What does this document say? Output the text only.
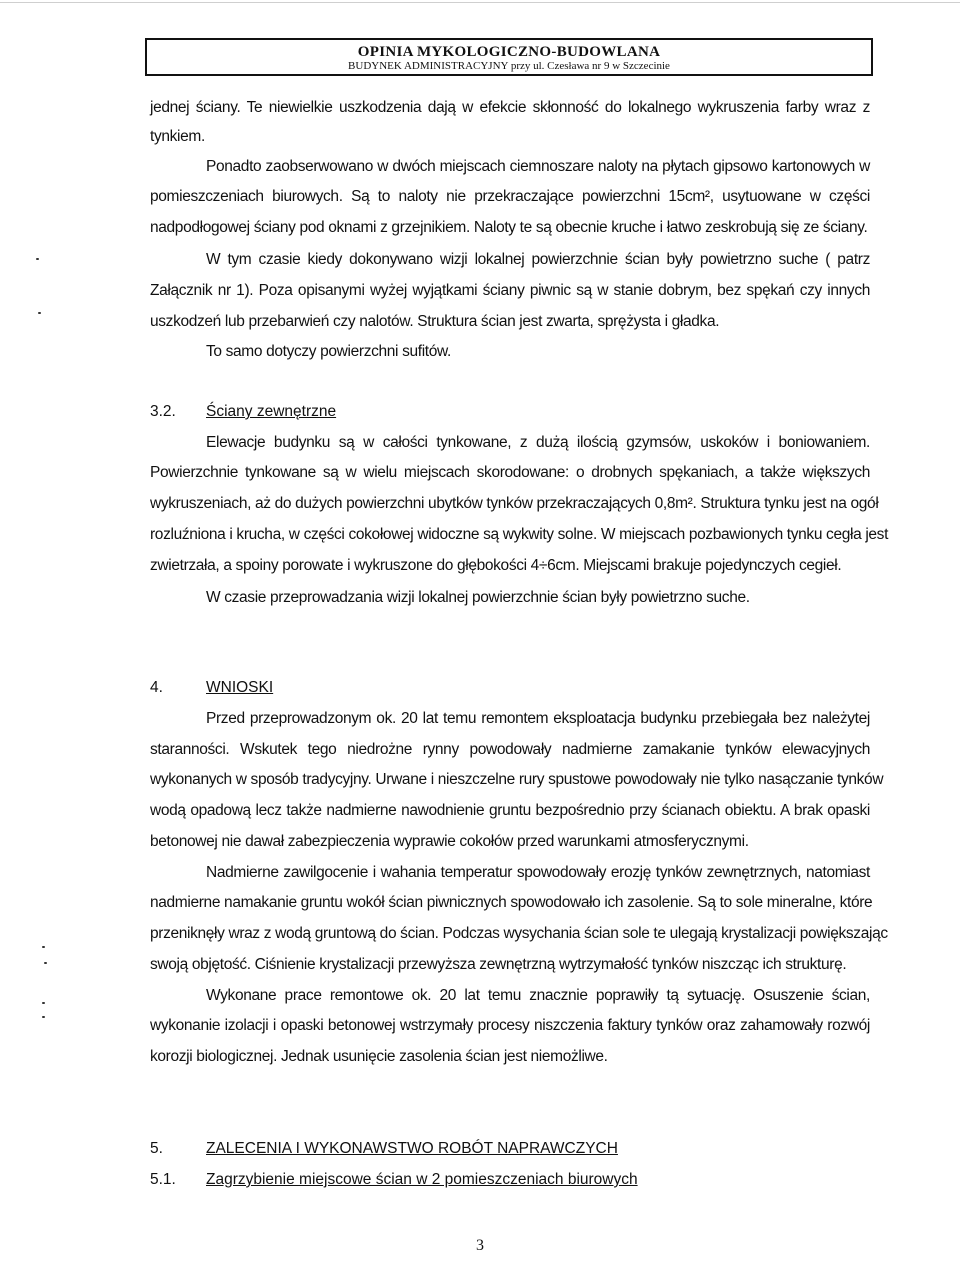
OPINIA MYKOLOGICZNO-BUDOWLANA
BUDYNEK ADMINISTRACYJNY przy ul. Czesława nr 9 w Szczecinie
jednej ściany. Te niewielkie uszkodzenia dają w efekcie skłonność do lokalnego wykruszenia farby wraz z
tynkiem.
Ponadto zaobserwowano w dwóch miejscach ciemnoszare naloty na płytach gipsowo kartonowych w
pomieszczeniach biurowych. Są to naloty nie przekraczające powierzchni 15cm², usytuowane w części
nadpodłogowej ściany pod oknami z grzejnikiem. Naloty te są obecnie kruche i łatwo zeskrobują się ze ściany.
W tym czasie kiedy dokonywano wizji lokalnej powierzchnie ścian były powietrzno suche ( patrz
Załącznik nr 1). Poza opisanymi wyżej wyjątkami ściany piwnic są w stanie dobrym, bez spękań czy innych
uszkodzeń lub przebarwień czy nalotów. Struktura ścian jest zwarta, sprężysta i gładka.
To samo dotyczy powierzchni sufitów.
3.2. Ściany zewnętrzne
Elewacje budynku są w całości tynkowane, z dużą ilością gzymsów, uskoków i boniowaniem.
Powierzchnie tynkowane są w wielu miejscach skorodowane: o drobnych spękaniach, a także większych
wykruszeniach, aż do dużych powierzchni ubytków tynków przekraczających 0,8m². Struktura tynku jest na ogół
rozluźniona i krucha, w części cokołowej widoczne są wykwity solne. W miejscach pozbawionych tynku cegła jest
zwietrzała, a spoiny porowate i wykruszone do głębokości 4÷6cm. Miejscami brakuje pojedynczych cegieł.
W czasie przeprowadzania wizji lokalnej powierzchnie ścian były powietrzno suche.
4.	WNIOSKI
Przed przeprowadzonym ok. 20 lat temu remontem eksploatacja budynku przebiegała bez należytej
staranności. Wskutek tego niedrożne rynny powodowały nadmierne zamakanie tynków elewacyjnych
wykonanych w sposób tradycyjny. Urwane i nieszczelne rury spustowe powodowały nie tylko nasączanie tynków
wodą opadową lecz także nadmierne nawodnienie gruntu bezpośrednio przy ścianach obiektu. A brak opaski
betonowej nie dawał zabezpieczenia wyprawie cokołów przed warunkami atmosferycznymi.
Nadmierne zawilgocenie i wahania temperatur spowodowały erozję tynków zewnętrznych, natomiast
nadmierne namakanie gruntu wokół ścian piwnicznych spowodowało ich zasolenie. Są to sole mineralne, które
przeniknęły wraz z wodą gruntową do ścian. Podczas wysychania ścian sole te ulegają krystalizacji powiększając
swoją objętość. Ciśnienie krystalizacji przewyższa zewnętrzną wytrzymałość tynków niszcząc ich strukturę.
Wykonane prace remontowe ok. 20 lat temu znacznie poprawiły tą sytuację. Osuszenie ścian,
wykonanie izolacji i opaski betonowej wstrzymały procesy niszczenia faktury tynków oraz zahamowały rozwój
korozji biologicznej. Jednak usunięcie zasolenia ścian jest niemożliwe.
5.	ZALECENIA I WYKONAWSTWO ROBÓT NAPRAWCZYCH
5.1. Zagrzybienie miejscowe ścian w 2 pomieszczeniach biurowych
3
